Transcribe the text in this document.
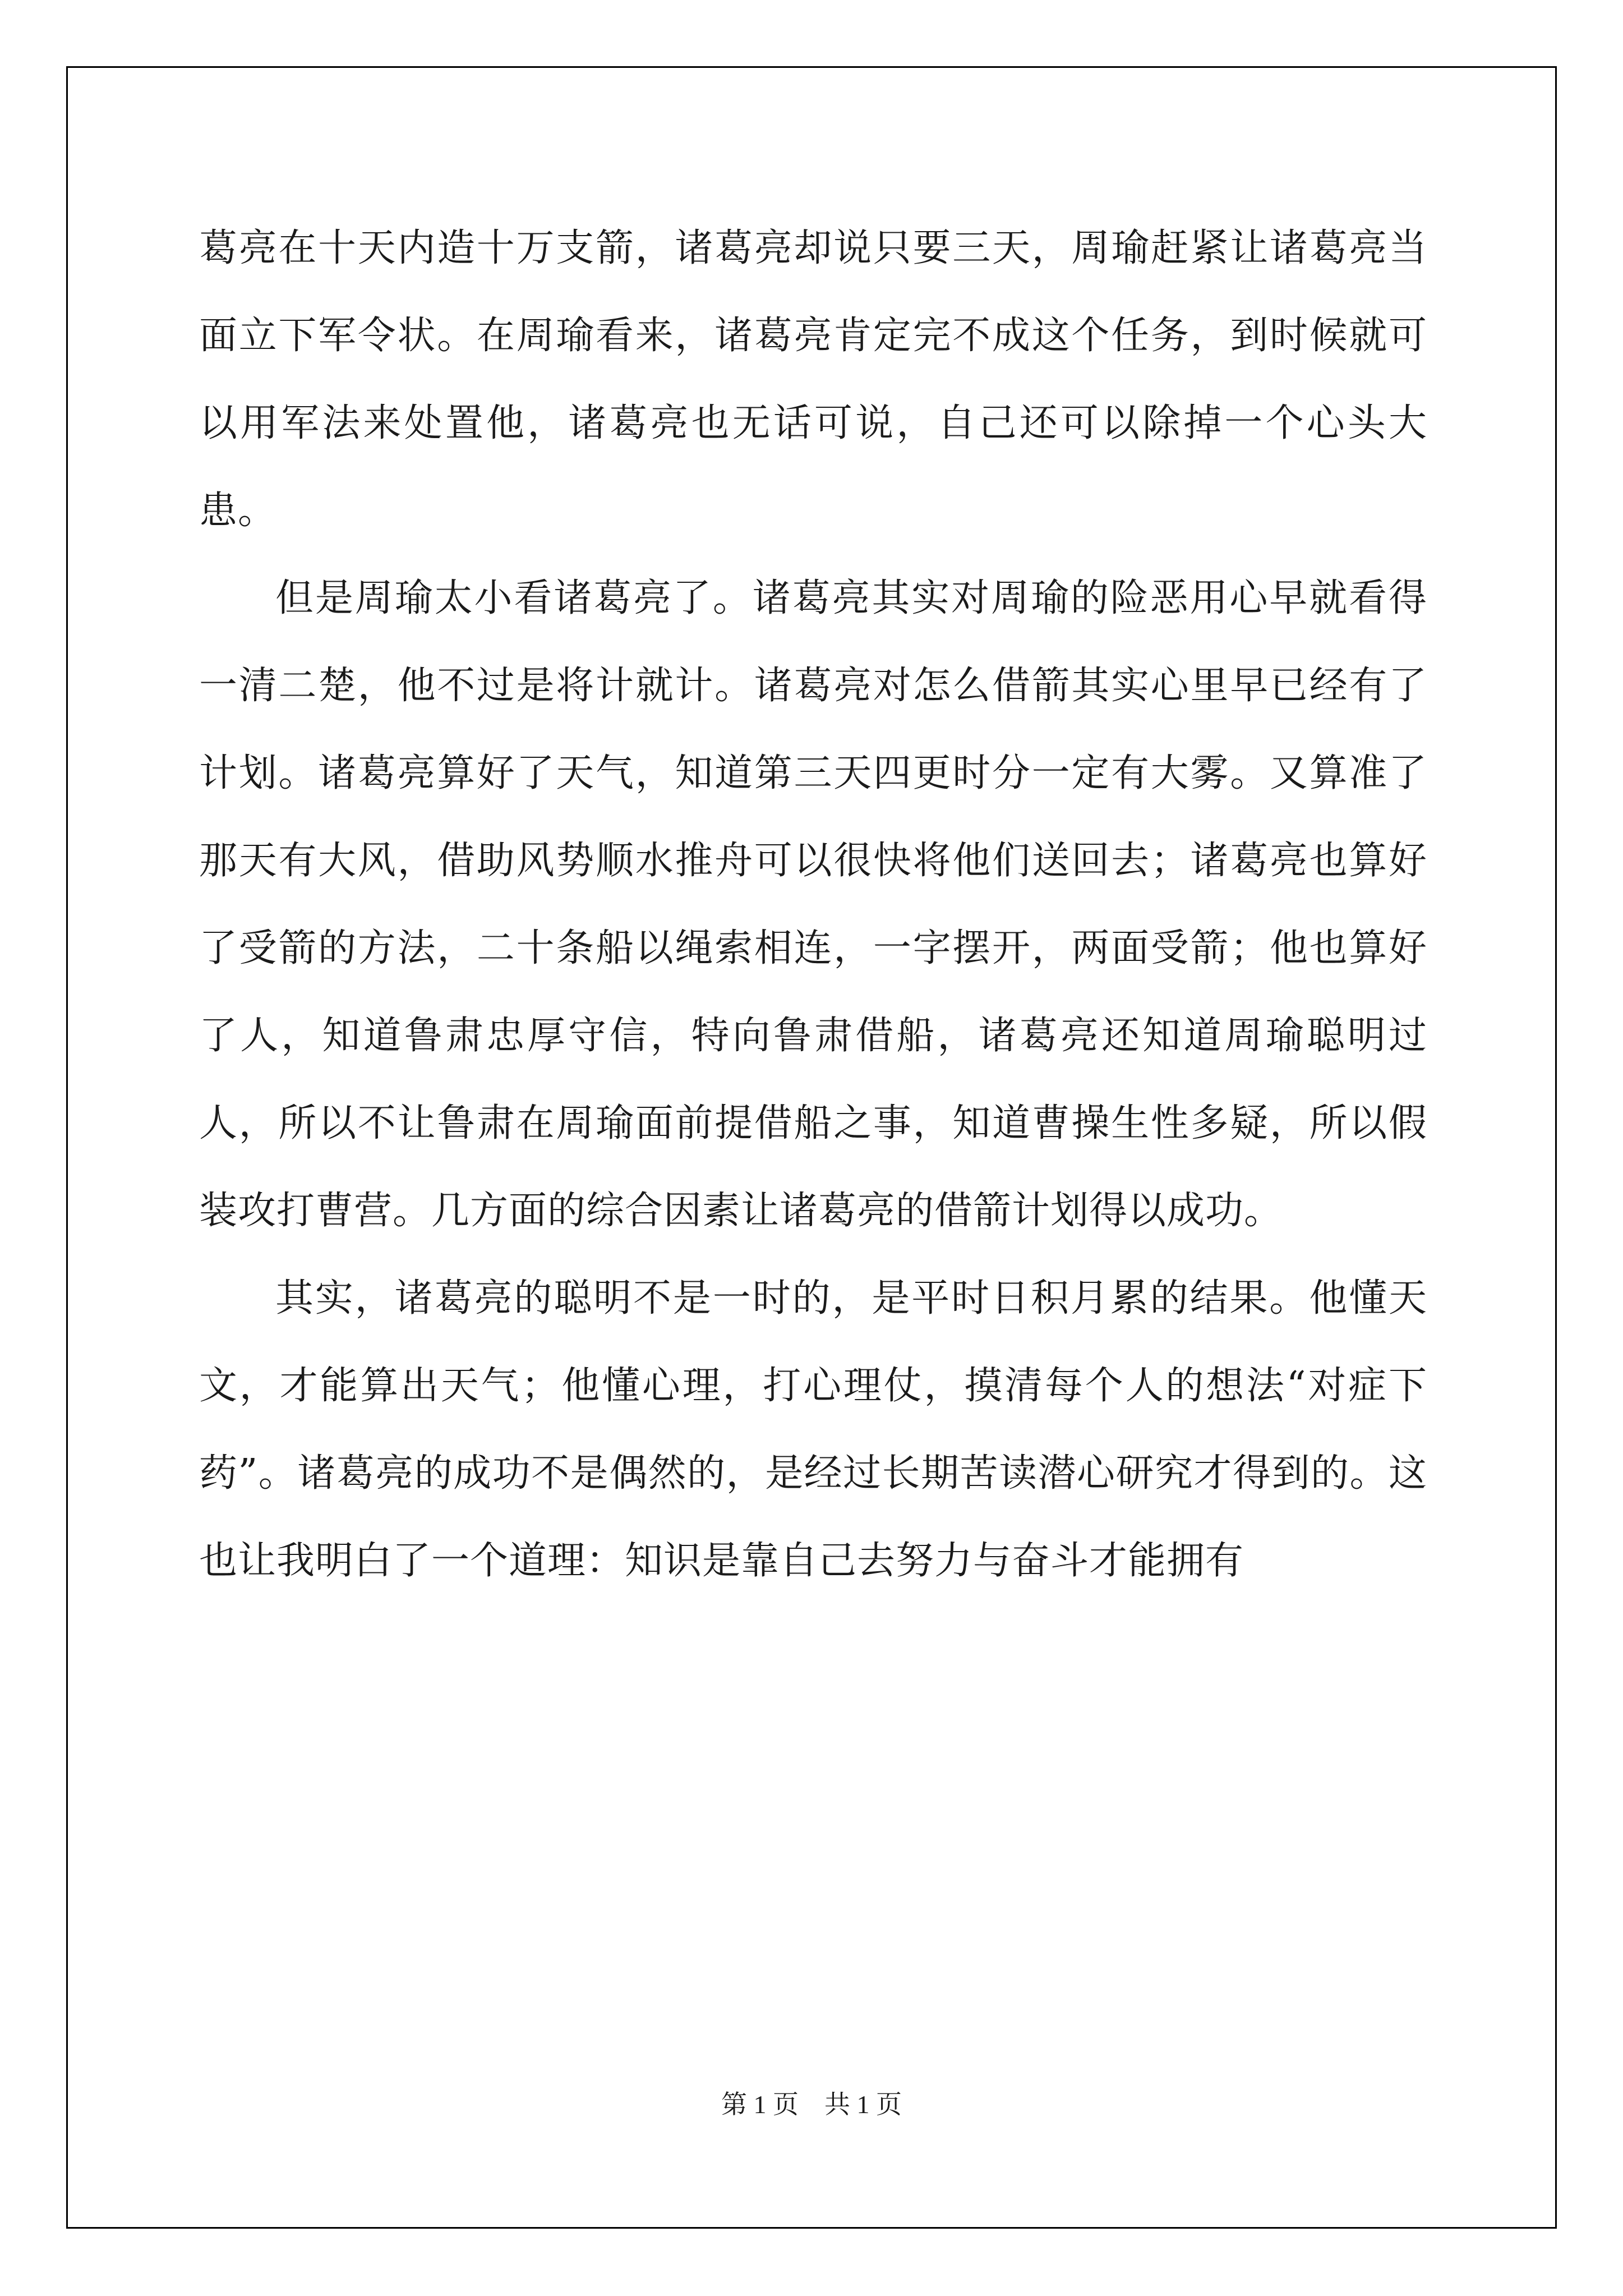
葛亮在十天内造十万支箭，诸葛亮却说只要三天，周瑜赶紧让诸葛亮当面立下军令状。在周瑜看来，诸葛亮肯定完不成这个任务，到时候就可以用军法来处置他，诸葛亮也无话可说，自己还可以除掉一个心头大患。

但是周瑜太小看诸葛亮了。诸葛亮其实对周瑜的险恶用心早就看得一清二楚，他不过是将计就计。诸葛亮对怎么借箭其实心里早已经有了计划。诸葛亮算好了天气，知道第三天四更时分一定有大雾。又算准了那天有大风，借助风势顺水推舟可以很快将他们送回去；诸葛亮也算好了受箭的方法，二十条船以绳索相连，一字摆开，两面受箭；他也算好了人，知道鲁肃忠厚守信，特向鲁肃借船，诸葛亮还知道周瑜聪明过人，所以不让鲁肃在周瑜面前提借船之事，知道曹操生性多疑，所以假装攻打曹营。几方面的综合因素让诸葛亮的借箭计划得以成功。

其实，诸葛亮的聪明不是一时的，是平时日积月累的结果。他懂天文，才能算出天气；他懂心理，打心理仗，摸清每个人的想法“对症下药”。诸葛亮的成功不是偶然的，是经过长期苦读潜心研究才得到的。这也让我明白了一个道理：知识是靠自己去努力与奋斗才能拥有

第 1 页    共 1 页
